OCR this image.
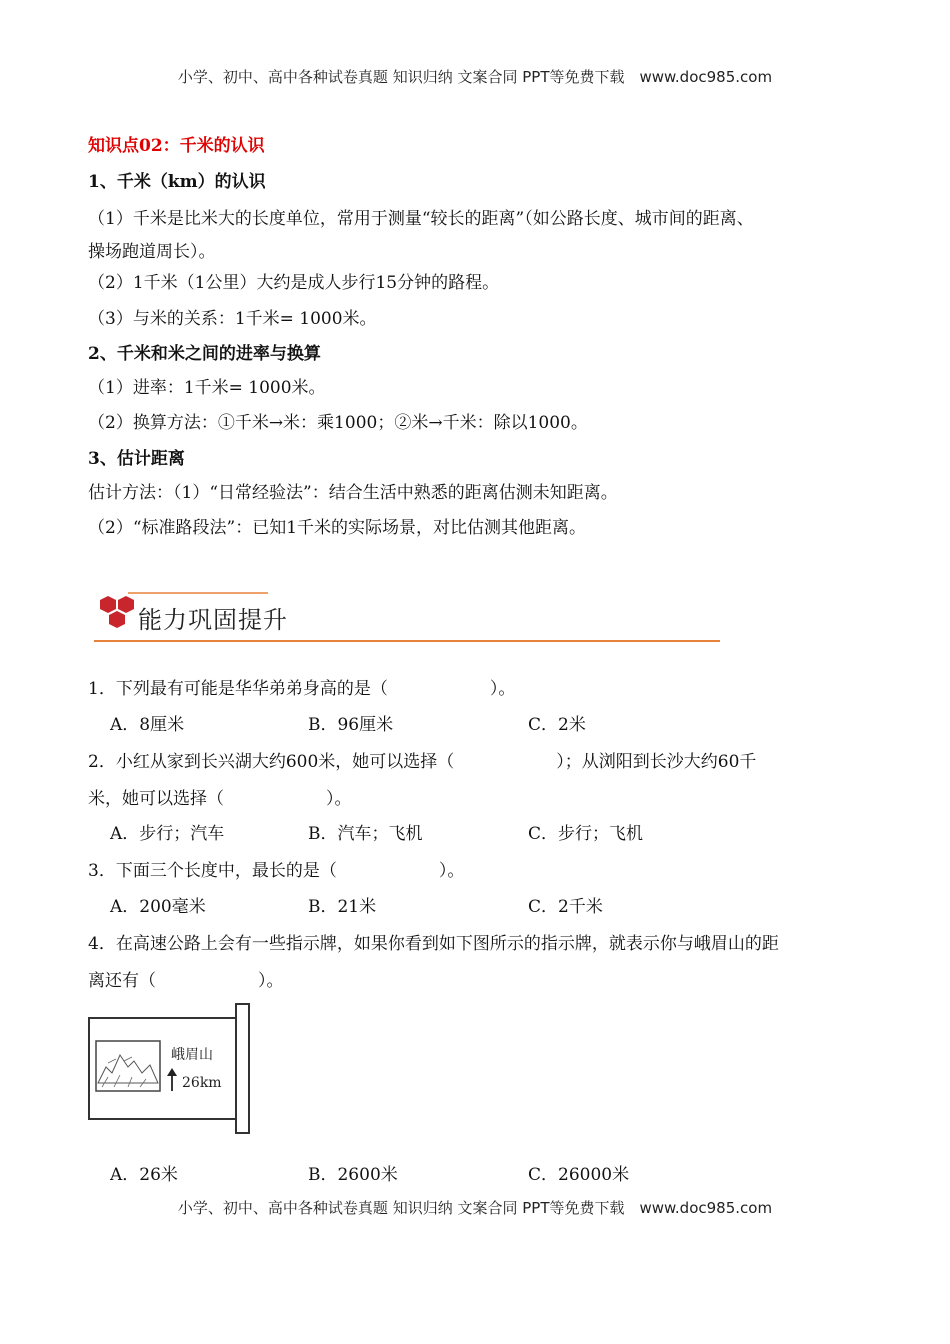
小学、初中、高中各种试卷真题 知识归纳 文案合同 PPT等免费下载　www.doc985.com
知识点02：千米的认识
1、千米（km）的认识
（1）千米是比米大的长度单位，常用于测量“较长的距离”（如公路长度、城市间的距离、
操场跑道周长）。
（2）1千米（1公里）大约是成人步行15分钟的路程。
（3）与米的关系：1千米= 1000米。
2、千米和米之间的进率与换算
（1）进率：1千米= 1000米。
（2）换算方法：①千米→米：乘1000；②米→千米：除以1000。
3、估计距离
估计方法：（1）“日常经验法”：结合生活中熟悉的距离估测未知距离。
（2）“标准路段法”：已知1千米的实际场景，对比估测其他距离。
能力巩固提升
1．下列最有可能是华华弟弟身高的是（　　　　　　）。
A．8厘米	B．96厘米	C．2米
2．小红从家到长兴湖大约600米，她可以选择（　　　　　　）；从浏阳到长沙大约60千
米，她可以选择（　　　　　　）。
A．步行；汽车	B．汽车；飞机	C．步行；飞机
3．下面三个长度中，最长的是（　　　　　　）。
A．200毫米	B．21米	C．2千米
4．在高速公路上会有一些指示牌，如果你看到如下图所示的指示牌，就表示你与峨眉山的距
离还有（　　　　　　）。
峨眉山
26km
A．26米	B．2600米	C．26000米
小学、初中、高中各种试卷真题 知识归纳 文案合同 PPT等免费下载　www.doc985.com
